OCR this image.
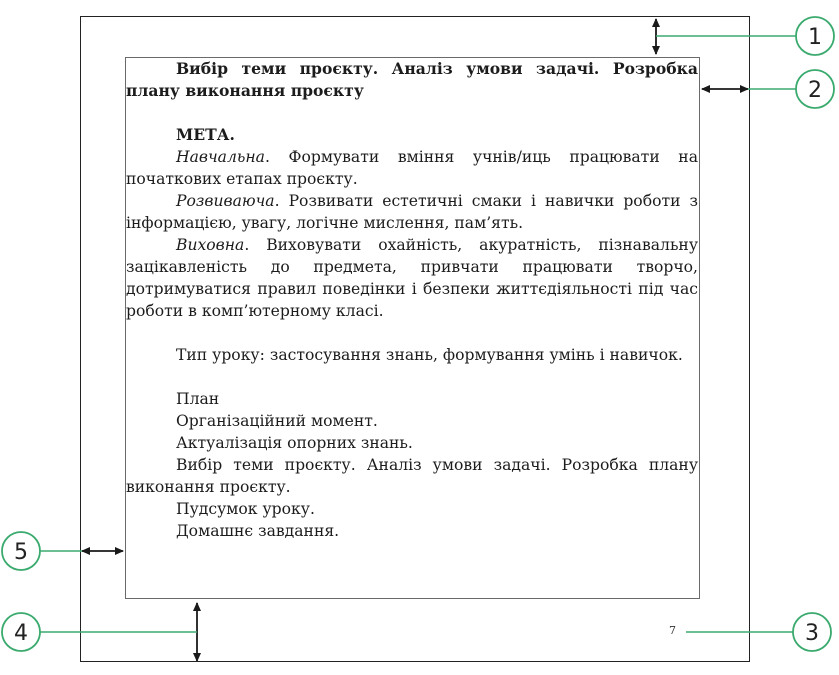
Вибір теми проєкту. Аналіз умови задачі. Розробка

плану виконання проєкту

МЕТА.

Навчальна. Формувати вміння учнів/иць працювати на початкових етапах проєкту.

Розвиваюча. Розвивати естетичні смаки і навички роботи з інформацією, увагу, логічне мислення, пам’ять.

Виховна. Виховувати охайність, акуратність, пізнавальну зацікавленість до предмета, привчати працювати творчо, дотримуватися правил поведінки і безпеки життєдіяльності під час роботи в комп’ютерному класі.

Тип уроку: застосування знань, формування умінь і навичок.

План

Організаційний момент.

Актуалізація опорних знань.

Вибір теми проєкту. Аналіз умови задачі. Розробка плану виконання проєкту.

Пудсумок уроку.

Домашнє завдання.

7
1
2
3
4
5
